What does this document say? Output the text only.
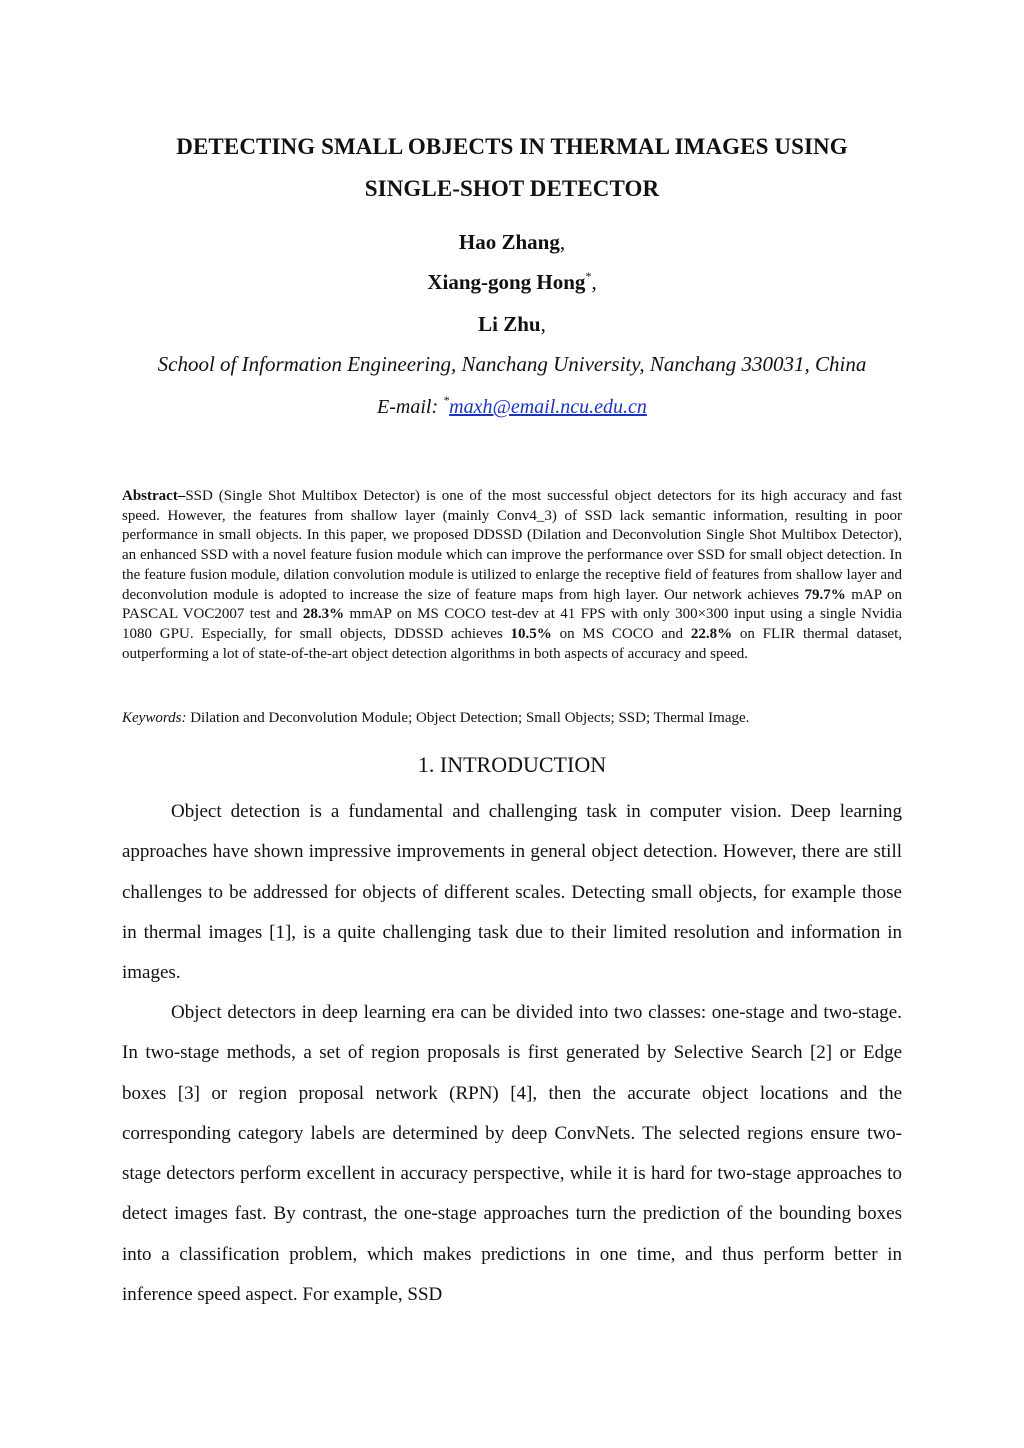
DETECTING SMALL OBJECTS IN THERMAL IMAGES USING
SINGLE-SHOT DETECTOR
Hao Zhang,
Xiang-gong Hong*,
Li Zhu,
School of Information Engineering, Nanchang University, Nanchang 330031, China
E-mail: *maxh@email.ncu.edu.cn
Abstract–SSD (Single Shot Multibox Detector) is one of the most successful object detectors for its high accuracy and fast speed. However, the features from shallow layer (mainly Conv4_3) of SSD lack semantic information, resulting in poor performance in small objects. In this paper, we proposed DDSSD (Dilation and Deconvolution Single Shot Multibox Detector), an enhanced SSD with a novel feature fusion module which can improve the performance over SSD for small object detection. In the feature fusion module, dilation convolution module is utilized to enlarge the receptive field of features from shallow layer and deconvolution module is adopted to increase the size of feature maps from high layer. Our network achieves 79.7% mAP on PASCAL VOC2007 test and 28.3% mmAP on MS COCO test-dev at 41 FPS with only 300×300 input using a single Nvidia 1080 GPU. Especially, for small objects, DDSSD achieves 10.5% on MS COCO and 22.8% on FLIR thermal dataset, outperforming a lot of state-of-the-art object detection algorithms in both aspects of accuracy and speed.
Keywords: Dilation and Deconvolution Module; Object Detection; Small Objects; SSD; Thermal Image.
1. INTRODUCTION

Object detection is a fundamental and challenging task in computer vision. Deep learning approaches have shown impressive improvements in general object detection. However, there are still challenges to be addressed for objects of different scales. Detecting small objects, for example those in thermal images [1], is a quite challenging task due to their limited resolution and information in images.

Object detectors in deep learning era can be divided into two classes: one-stage and two-stage. In two-stage methods, a set of region proposals is first generated by Selective Search [2] or Edge boxes [3] or region proposal network (RPN) [4], then the accurate object locations and the corresponding category labels are determined by deep ConvNets. The selected regions ensure two-stage detectors perform excellent in accuracy perspective, while it is hard for two-stage approaches to detect images fast. By contrast, the one-stage approaches turn the prediction of the bounding boxes into a classification problem, which makes predictions in one time, and thus perform better in inference speed aspect. For example, SSD
